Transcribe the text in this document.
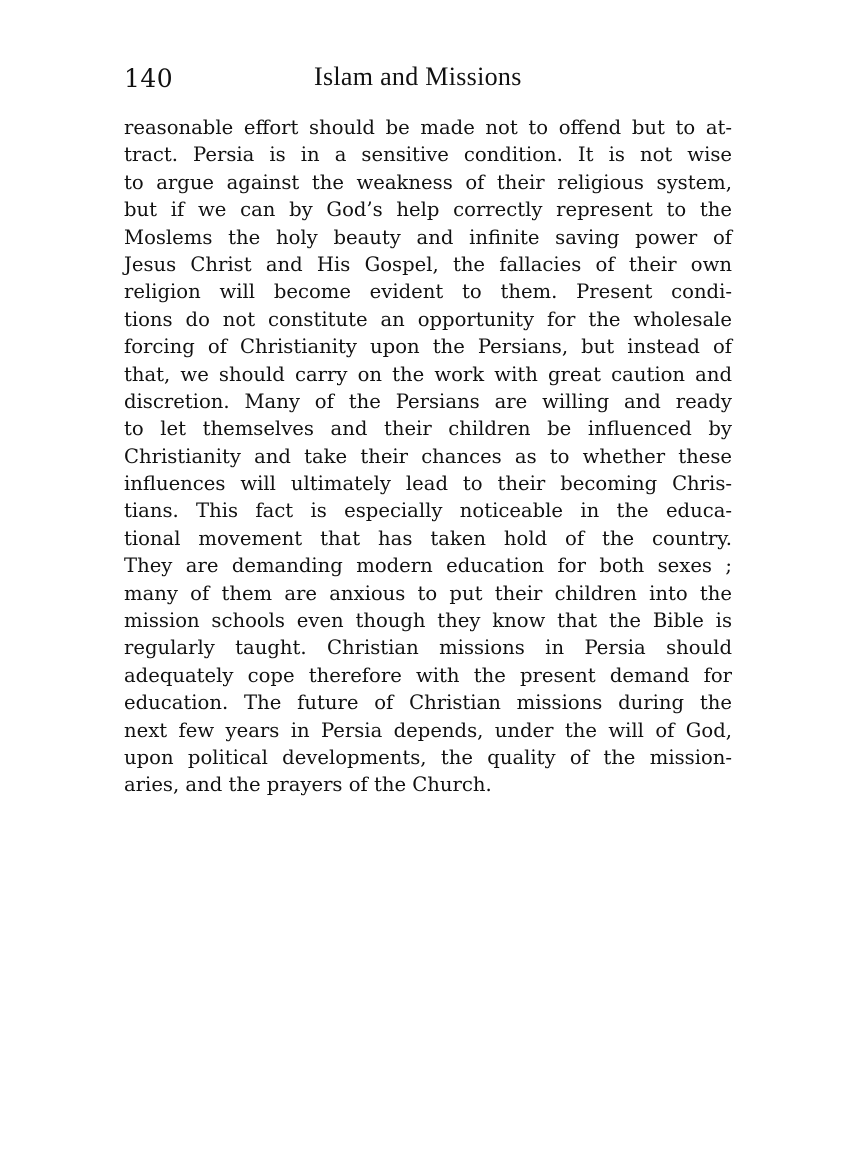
140	Islam and Missions
reasonable effort should be made not to offend but to at-
tract. Persia is in a sensitive condition. It is not wise
to argue against the weakness of their religious system,
but if we can by God’s help correctly represent to the
Moslems the holy beauty and infinite saving power of
Jesus Christ and His Gospel, the fallacies of their own
religion will become evident to them. Present condi-
tions do not constitute an opportunity for the wholesale
forcing of Christianity upon the Persians, but instead of
that, we should carry on the work with great caution and
discretion. Many of the Persians are willing and ready
to let themselves and their children be influenced by
Christianity and take their chances as to whether these
influences will ultimately lead to their becoming Chris-
tians. This fact is especially noticeable in the educa-
tional movement that has taken hold of the country.
They are demanding modern education for both sexes ;
many of them are anxious to put their children into the
mission schools even though they know that the Bible is
regularly taught. Christian missions in Persia should
adequately cope therefore with the present demand for
education. The future of Christian missions during the
next few years in Persia depends, under the will of God,
upon political developments, the quality of the mission-
aries, and the prayers of the Church.
